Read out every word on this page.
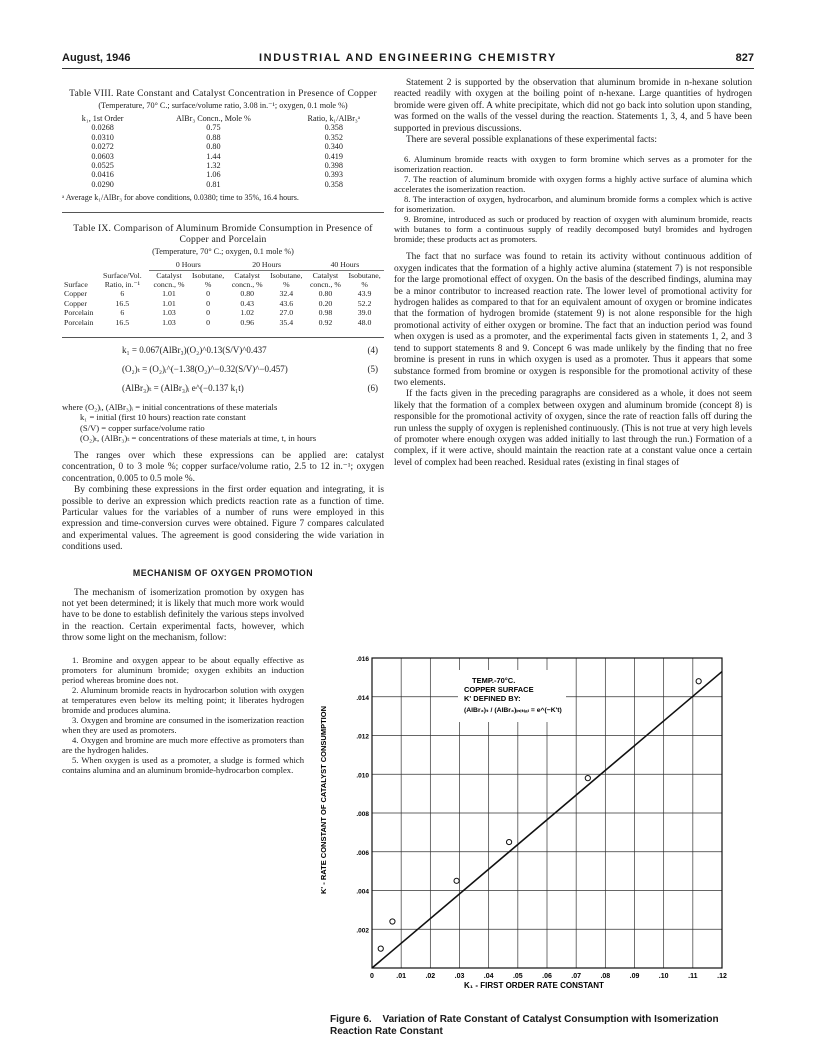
August, 1946	INDUSTRIAL AND ENGINEERING CHEMISTRY	827
Table VIII. Rate Constant and Catalyst Concentration in Presence of Copper
(Temperature, 70° C.; surface/volume ratio, 3.08 in.⁻¹; oxygen, 0.1 mole %)
k₁, 1st Order	AlBr₃ Concn., Mole %	Ratio, k₁/AlBr₃ᵃ
0.0268	0.75	0.358
0.0310	0.88	0.352
0.0272	0.80	0.340
0.0603	1.44	0.419
0.0525	1.32	0.398
0.0416	1.06	0.393
0.0290	0.81	0.358
ᵃ Average k₁/AlBr₃ for above conditions, 0.0380; time to 35%, 16.4 hours.
Table IX. Comparison of Aluminum Bromide Consumption in Presence of Copper and Porcelain
(Temperature, 70° C.; oxygen, 0.1 mole %)
		0 Hours		20 Hours		40 Hours	
Surface	Surface/Vol. Ratio, in.⁻¹	Catalyst concn., %	Isobutane, %	Catalyst concn., %	Isobutane, %	Catalyst concn., %	Isobutane, %
Copper	6	1.01	0	0.80	32.4	0.80	43.9
Copper	16.5	1.01	0	0.43	43.6	0.20	52.2
Porcelain	6	1.03	0	1.02	27.0	0.98	39.0
Porcelain	16.5	1.03	0	0.96	35.4	0.92	48.0
k₁ = 0.067(AlBr₃)(O₂)^0.13(S/V)^0.437	(4)
(O₂)ₜ = (O₂)ᵢ^(−1.38(O₂)^−0.32(S/V)^−0.457)	(5)
(AlBr₃)ₜ = (AlBr₃)ᵢ e^(−0.137 k₁t)	(6)
where (O₂)ᵢ, (AlBr₃)ᵢ = initial concentrations of these materials
k₁ = initial (first 10 hours) reaction rate constant
(S/V) = copper surface/volume ratio
(O₂)ₜ, (AlBr₃)ₜ = concentrations of these materials at time, t, in hours

The ranges over which these expressions can be applied are: catalyst concentration, 0 to 3 mole %; copper surface/volume ratio, 2.5 to 12 in.⁻¹; oxygen concentration, 0.005 to 0.5 mole %.

By combining these expressions in the first order equation and integrating, it is possible to derive an expression which predicts reaction rate as a function of time. Particular values for the variables of a number of runs were employed in this expression and time-conversion curves were obtained. Figure 7 compares calculated and experimental values. The agreement is good considering the wide variation in conditions used.

MECHANISM OF OXYGEN PROMOTION

The mechanism of isomerization promotion by oxygen has not yet been determined; it is likely that much more work would have to be done to establish definitely the various steps involved in the reaction. Certain experimental facts, however, which throw some light on the mechanism, follow:

1. Bromine and oxygen appear to be about equally effective as promoters for aluminum bromide; oxygen exhibits an induction period whereas bromine does not.

2. Aluminum bromide reacts in hydrocarbon solution with oxygen at temperatures even below its melting point; it liberates hydrogen bromide and produces alumina.

3. Oxygen and bromine are consumed in the isomerization reaction when they are used as promoters.

4. Oxygen and bromine are much more effective as promoters than are the hydrogen halides.

5. When oxygen is used as a promoter, a sludge is formed which contains alumina and an aluminum bromide-hydrocarbon complex.

Statement 2 is supported by the observation that aluminum bromide in n-hexane solution reacted readily with oxygen at the boiling point of n-hexane. Large quantities of hydrogen bromide were given off. A white precipitate, which did not go back into solution upon standing, was formed on the walls of the vessel during the reaction. Statements 1, 3, 4, and 5 have been supported in previous discussions.

There are several possible explanations of these experimental facts:

6. Aluminum bromide reacts with oxygen to form bromine which serves as a promoter for the isomerization reaction.

7. The reaction of aluminum bromide with oxygen forms a highly active surface of alumina which accelerates the isomerization reaction.

8. The interaction of oxygen, hydrocarbon, and aluminum bromide forms a complex which is active for isomerization.

9. Bromine, introduced as such or produced by reaction of oxygen with aluminum bromide, reacts with butanes to form a continuous supply of readily decomposed butyl bromides and hydrogen bromide; these products act as promoters.

The fact that no surface was found to retain its activity without continuous addition of oxygen indicates that the formation of a highly active alumina (statement 7) is not responsible for the large promotional effect of oxygen. On the basis of the described findings, alumina may be a minor contributor to increased reaction rate. The lower level of promotional activity for hydrogen halides as compared to that for an equivalent amount of oxygen or bromine indicates that the formation of hydrogen bromide (statement 9) is not alone responsible for the high promotional activity of either oxygen or bromine. The fact that an induction period was found when oxygen is used as a promoter, and the experimental facts given in statements 1, 2, and 3 tend to support statements 8 and 9. Concept 6 was made unlikely by the finding that no free bromine is present in runs in which oxygen is used as a promoter. Thus it appears that some substance formed from bromine or oxygen is responsible for the promotional activity of these two elements.

If the facts given in the preceding paragraphs are considered as a whole, it does not seem likely that the formation of a complex between oxygen and aluminum bromide (concept 8) is responsible for the promotional activity of oxygen, since the rate of reaction falls off during the run unless the supply of oxygen is replenished continuously. (This is not true at very high levels of promoter where enough oxygen was added initially to last through the run.) Formation of a complex, if it were active, should maintain the reaction rate at a constant value once a certain level of complex had been reached. Residual rates (existing in final stages of

0	.01	.02	.03	.04	.05	.06	.07	.08	.09	.10	.11	.12
.002
.004
.006
.008
.010
.012
.014
.016
K' - RATE CONSTANT OF CATALYST CONSUMPTION
K₁ - FIRST ORDER RATE CONSTANT
TEMP.-70°C.
COPPER SURFACE
K' DEFINED BY:
(AlBr₃)ₜ / (AlBr₃)ᵢₙᵢₜᵢₐₗ = e^(−K't)
Figure 6. Variation of Rate Constant of Catalyst Consumption with Isomerization Reaction Rate Constant
